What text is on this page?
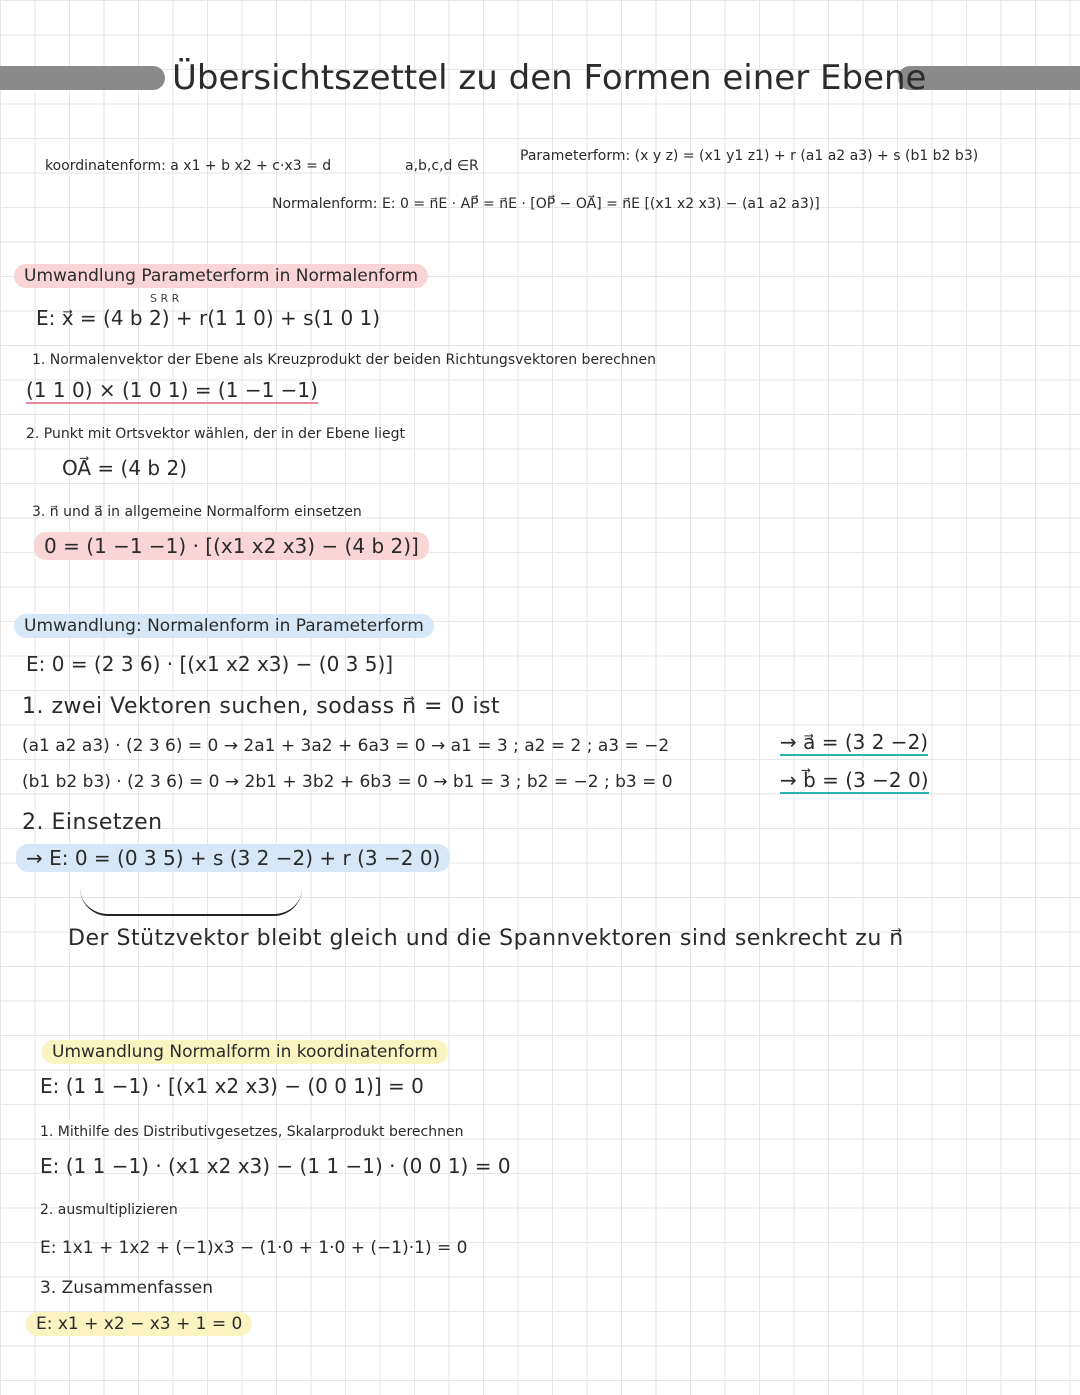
Übersichtszettel zu den Formen einer Ebene
koordinatenform: a x1 + b x2 + c·x3 = d	a,b,c,d ∈R
Parameterform: (x y z) = (x1 y1 z1) + r (a1 a2 a3) + s (b1 b2 b3)
Normalenform: E: 0 = n⃗E · AP⃗ = n⃗E · [OP⃗ − OA⃗] = n⃗E [(x1 x2 x3) − (a1 a2 a3)]
Umwandlung Parameterform in Normalenform
S R R
E: x⃗ = (4 b 2) + r(1 1 0) + s(1 0 1)
1. Normalenvektor der Ebene als Kreuzprodukt der beiden Richtungsvektoren berechnen
(1 1 0) × (1 0 1) = (1 −1 −1)
2. Punkt mit Ortsvektor wählen, der in der Ebene liegt
OA⃗ = (4 b 2)
3. n⃗ und a⃗ in allgemeine Normalform einsetzen
0 = (1 −1 −1) · [(x1 x2 x3) − (4 b 2)]
Umwandlung: Normalenform in Parameterform
E: 0 = (2 3 6) · [(x1 x2 x3) − (0 3 5)]
1. zwei Vektoren suchen, sodass n⃗ = 0 ist
(a1 a2 a3) · (2 3 6) = 0 → 2a1 + 3a2 + 6a3 = 0 → a1 = 3 ; a2 = 2 ; a3 = −2	→ a⃗ = (3 2 −2)
(b1 b2 b3) · (2 3 6) = 0 → 2b1 + 3b2 + 6b3 = 0 → b1 = 3 ; b2 = −2 ; b3 = 0	→ b⃗ = (3 −2 0)
2. Einsetzen
→ E: 0 = (0 3 5) + s (3 2 −2) + r (3 −2 0)
Der Stützvektor bleibt gleich und die Spannvektoren sind senkrecht zu n⃗
Umwandlung Normalform in koordinatenform
E: (1 1 −1) · [(x1 x2 x3) − (0 0 1)] = 0
1. Mithilfe des Distributivgesetzes, Skalarprodukt berechnen
E: (1 1 −1) · (x1 x2 x3) − (1 1 −1) · (0 0 1) = 0
2. ausmultiplizieren
E: 1x1 + 1x2 + (−1)x3 − (1·0 + 1·0 + (−1)·1) = 0
3. Zusammenfassen
E: x1 + x2 − x3 + 1 = 0
